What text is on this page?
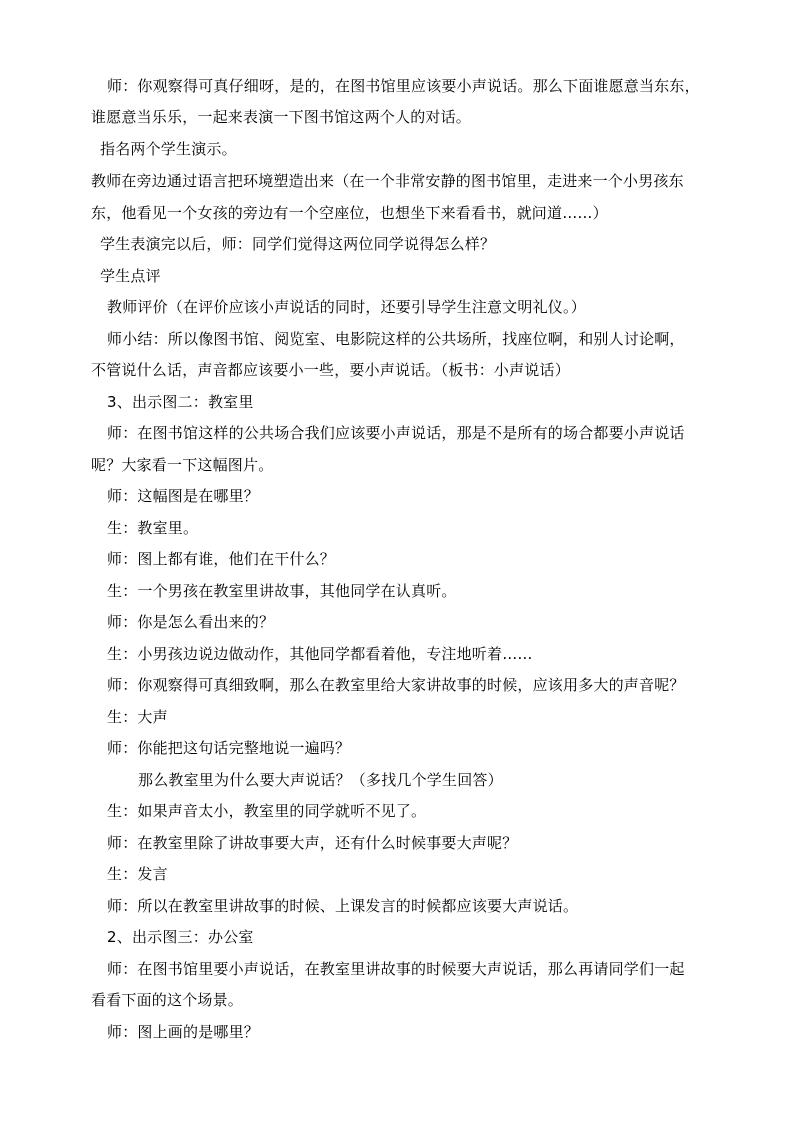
师：你观察得可真仔细呀，是的，在图书馆里应该要小声说话。那么下面谁愿意当东东，
谁愿意当乐乐，一起来表演一下图书馆这两个人的对话。
指名两个学生演示。
教师在旁边通过语言把环境塑造出来（在一个非常安静的图书馆里，走进来一个小男孩东
东，他看见一个女孩的旁边有一个空座位，也想坐下来看看书，就问道……）
学生表演完以后，师：同学们觉得这两位同学说得怎么样？
学生点评
教师评价（在评价应该小声说话的同时，还要引导学生注意文明礼仪。）
师小结：所以像图书馆、阅览室、电影院这样的公共场所，找座位啊，和别人讨论啊，
不管说什么话，声音都应该要小一些，要小声说话。（板书：小声说话）
3、出示图二：教室里
师：在图书馆这样的公共场合我们应该要小声说话，那是不是所有的场合都要小声说话
呢？大家看一下这幅图片。
师：这幅图是在哪里？
生：教室里。
师：图上都有谁，他们在干什么？
生：一个男孩在教室里讲故事，其他同学在认真听。
师：你是怎么看出来的？
生：小男孩边说边做动作，其他同学都看着他，专注地听着……
师：你观察得可真细致啊，那么在教室里给大家讲故事的时候，应该用多大的声音呢？
生：大声
师：你能把这句话完整地说一遍吗？
那么教室里为什么要大声说话？（多找几个学生回答）
生：如果声音太小，教室里的同学就听不见了。
师：在教室里除了讲故事要大声，还有什么时候事要大声呢？
生：发言
师：所以在教室里讲故事的时候、上课发言的时候都应该要大声说话。
2、出示图三：办公室
师：在图书馆里要小声说话，在教室里讲故事的时候要大声说话，那么再请同学们一起
看看下面的这个场景。
师：图上画的是哪里？
